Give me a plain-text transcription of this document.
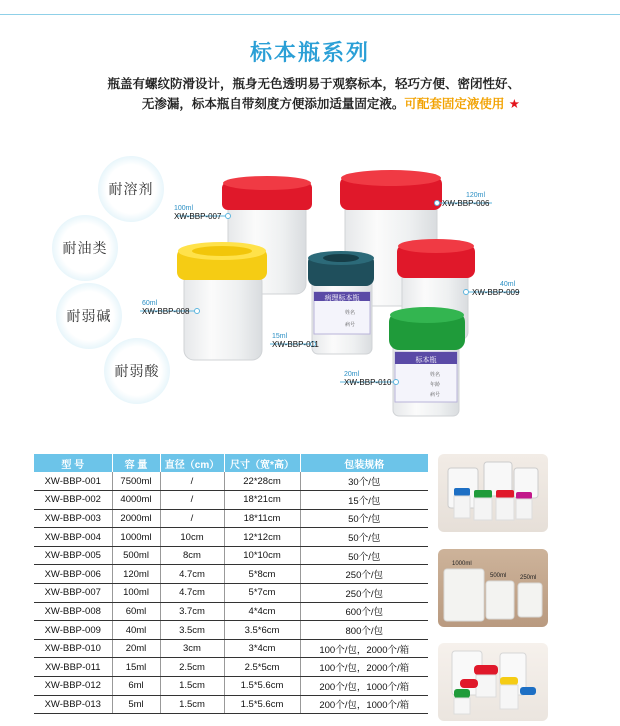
标本瓶系列
瓶盖有螺纹防滑设计，瓶身无色透明易于观察标本，轻巧方便、密闭性好、
无渗漏，标本瓶自带刻度方便添加适量固定液。可配套固定液使用 ★
耐溶剂
耐油类
耐弱碱
耐弱酸
病理标本瓶
姓名
病号
标本瓶
姓名
年龄
病号
100ml
XW-BBP-007
120ml
XW-BBP-006
40ml
XW-BBP-009
60ml
XW-BBP-008
15ml
XW-BBP-011
20ml
XW-BBP-010
型 号	容 量	直径（cm）	尺寸（宽*高）	包装规格
XW-BBP-001	7500ml	/	22*28cm	30个/包
XW-BBP-002	4000ml	/	18*21cm	15个/包
XW-BBP-003	2000ml	/	18*11cm	50个/包
XW-BBP-004	1000ml	10cm	12*12cm	50个/包
XW-BBP-005	500ml	8cm	10*10cm	50个/包
XW-BBP-006	120ml	4.7cm	5*8cm	250个/包
XW-BBP-007	100ml	4.7cm	5*7cm	250个/包
XW-BBP-008	60ml	3.7cm	4*4cm	600个/包
XW-BBP-009	40ml	3.5cm	3.5*6cm	800个/包
XW-BBP-010	20ml	3cm	3*4cm	100个/包，2000个/箱
XW-BBP-011	15ml	2.5cm	2.5*5cm	100个/包，2000个/箱
XW-BBP-012	6ml	1.5cm	1.5*5.6cm	200个/包，1000个/箱
XW-BBP-013	5ml	1.5cm	1.5*5.6cm	200个/包，1000个/箱
1000ml
500ml 250ml
